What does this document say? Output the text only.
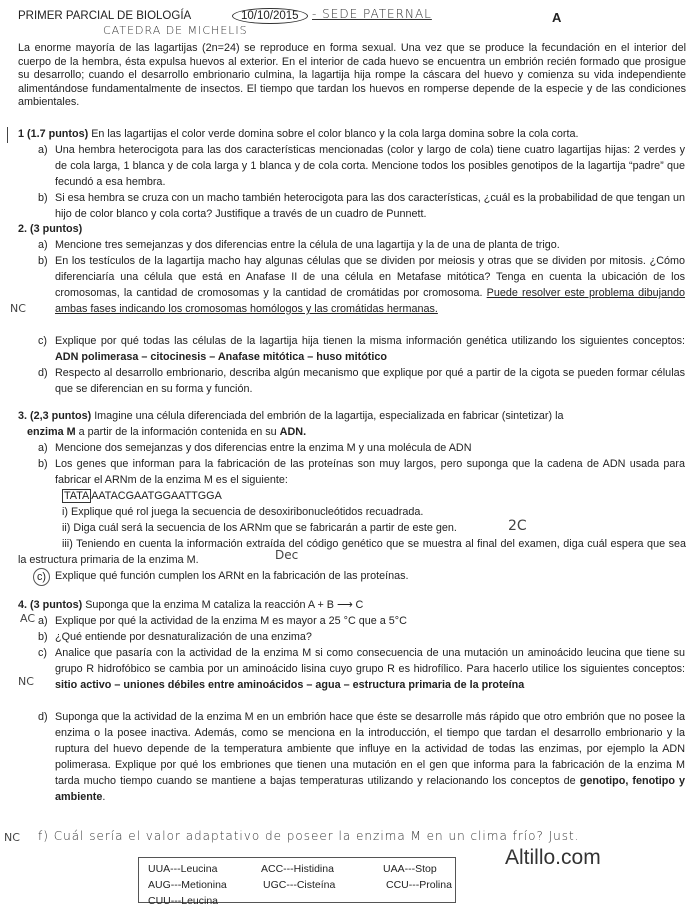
PRIMER PARCIAL DE BIOLOGÍA	10/10/2015	- SEDE PATERNAL
CATEDRA DE MICHELIS
A
La enorme mayoría de las lagartijas (2n=24) se reproduce en forma sexual. Una vez que se produce la fecundación en el interior del cuerpo de la hembra, ésta expulsa huevos al exterior. En el interior de cada huevo se encuentra un embrión recién formado que prosigue su desarrollo; cuando el desarrollo embrionario culmina, la lagartija hija rompe la cáscara del huevo y comienza su vida independiente alimentándose fundamentalmente de insectos. El tiempo que tardan los huevos en romperse depende de la especie y de las condiciones ambientales.
1 (1.7 puntos) En las lagartijas el color verde domina sobre el color blanco y la cola larga domina sobre la cola corta.
a) Una hembra heterocigota para las dos características mencionadas (color y largo de cola) tiene cuatro lagartijas hijas: 2 verdes y de cola larga, 1 blanca y de cola larga y 1 blanca y de cola corta. Mencione todos los posibles genotipos de la lagartija “padre” que fecundó a esa hembra.
b) Si esa hembra se cruza con un macho también heterocigota para las dos características, ¿cuál es la probabilidad de que tengan un hijo de color blanco y cola corta? Justifique a través de un cuadro de Punnett.
2. (3 puntos)
a) Mencione tres semejanzas y dos diferencias entre la célula de una lagartija y la de una de planta de trigo.
b) En los testículos de la lagartija macho hay algunas células que se dividen por meiosis y otras que se dividen por mitosis. ¿Cómo diferenciaría una célula que está en Anafase II de una célula en Metafase mitótica? Tenga en cuenta la ubicación de los cromosomas, la cantidad de cromosomas y la cantidad de cromátidas por cromosoma. Puede resolver este problema dibujando ambas fases indicando los cromosomas homólogos y las cromátidas hermanas.
c) Explique por qué todas las células de la lagartija hija tienen la misma información genética utilizando los siguientes conceptos: ADN polimerasa – citocinesis – Anafase mitótica – huso mitótico
d) Respecto al desarrollo embrionario, describa algún mecanismo que explique por qué a partir de la cigota se pueden formar células que se diferencian en su forma y función.
3. (2,3 puntos) Imagine una célula diferenciada del embrión de la lagartija, especializada en fabricar (sintetizar) la
enzima M a partir de la información contenida en su ADN.
a) Mencione dos semejanzas y dos diferencias entre la enzima M y una molécula de ADN
b) Los genes que informan para la fabricación de las proteínas son muy largos, pero suponga que la cadena de ADN usada para fabricar el ARNm de la enzima M es el siguiente:
TATA AATACGAATGGAATTGGA
i) Explique qué rol juega la secuencia de desoxiribonucleótidos recuadrada.
ii) Diga cuál será la secuencia de los ARNm que se fabricarán a partir de este gen.
iii) Teniendo en cuenta la información extraída del código genético que se muestra al final del examen, diga cuál espera que sea la estructura primaria de la enzima M.
c) Explique qué función cumplen los ARNt en la fabricación de las proteínas.
4. (3 puntos) Suponga que la enzima M cataliza la reacción A + B ⟶ C
a) Explique por qué la actividad de la enzima M es mayor a 25 °C que a 5°C
b) ¿Qué entiende por desnaturalización de una enzima?
c) Analice que pasaría con la actividad de la enzima M si como consecuencia de una mutación un aminoácido leucina que tiene su grupo R hidrofóbico se cambia por un aminoácido lisina cuyo grupo R es hidrofílico. Para hacerlo utilice los siguientes conceptos: sitio activo – uniones débiles entre aminoácidos – agua – estructura primaria de la proteína
d) Suponga que la actividad de la enzima M en un embrión hace que éste se desarrolle más rápido que otro embrión que no posee la enzima o la posee inactiva. Además, como se menciona en la introducción, el tiempo que tardan el desarrollo embrionario y la ruptura del huevo depende de la temperatura ambiente que influye en la actividad de todas las enzimas, por ejemplo la ADN polimerasa. Explique por qué los embriones que tienen una mutación en el gen que informa para la fabricación de la enzima M tarda mucho tiempo cuando se mantiene a bajas temperaturas utilizando y relacionando los conceptos de genotipo, fenotipo y ambiente.
f) Cuál sería el valor adaptativo de poseer la enzima M en un clima frío? Just.
NC
2C
Dec
AC
NC
NC
UUA---Leucina	ACC---Histidina	UAA---Stop
AUG---Metionina	UGC---Cisteína	CCU---Prolina
CUU---Leucina
Altillo.com
